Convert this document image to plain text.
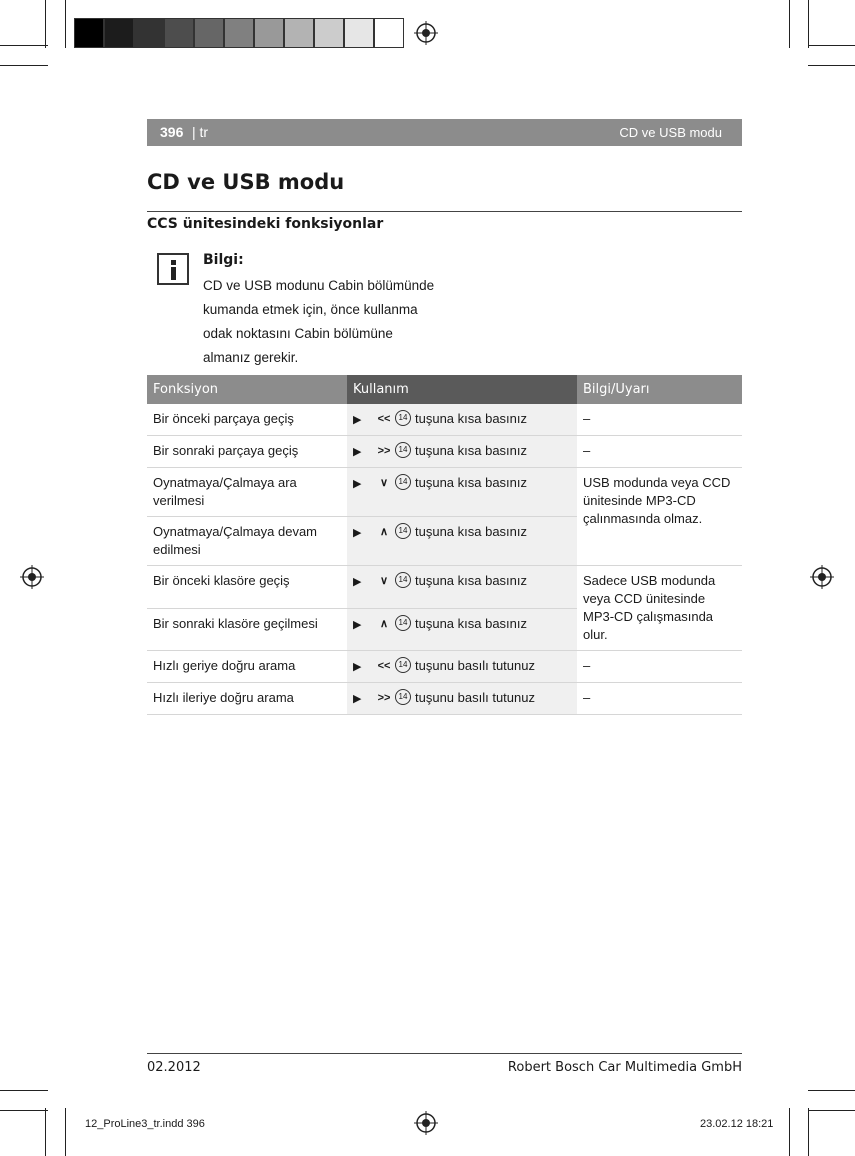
396 | tr	CD ve USB modu
CD ve USB modu
CCS ünitesindeki fonksiyonlar
Bilgi:
CD ve USB modunu Cabin bölümünde kumanda etmek için, önce kullanma odak noktasını Cabin bölümüne almanız gerekir.
Fonksiyon	Kullanım	Bilgi/Uyarı
Bir önceki parçaya geçiş	▶ << 14 tuşuna kısa basınız	–
Bir sonraki parçaya geçiş	▶ >> 14 tuşuna kısa basınız	–
Oynatmaya/Çalmaya ara verilmesi	▶ ∨ 14 tuşuna kısa basınız	USB modunda veya CCD ünitesinde MP3-CD çalınmasında olmaz.
Oynatmaya/Çalmaya devam edilmesi	▶ ∧ 14 tuşuna kısa basınız	

Bir önceki klasöre geçiş	▶ ∨ 14 tuşuna kısa basınız	Sadece USB modunda veya CCD ünitesinde MP3-CD çalışmasında olur.
Bir sonraki klasöre geçilmesi	▶ ∧ 14 tuşuna kısa basınız	

Hızlı geriye doğru arama	▶ << 14 tuşunu basılı tutunuz	–
Hızlı ileriye doğru arama	▶ >> 14 tuşunu basılı tutunuz	–
02.2012	Robert Bosch Car Multimedia GmbH
12_ProLine3_tr.indd 396	23.02.12 18:21
